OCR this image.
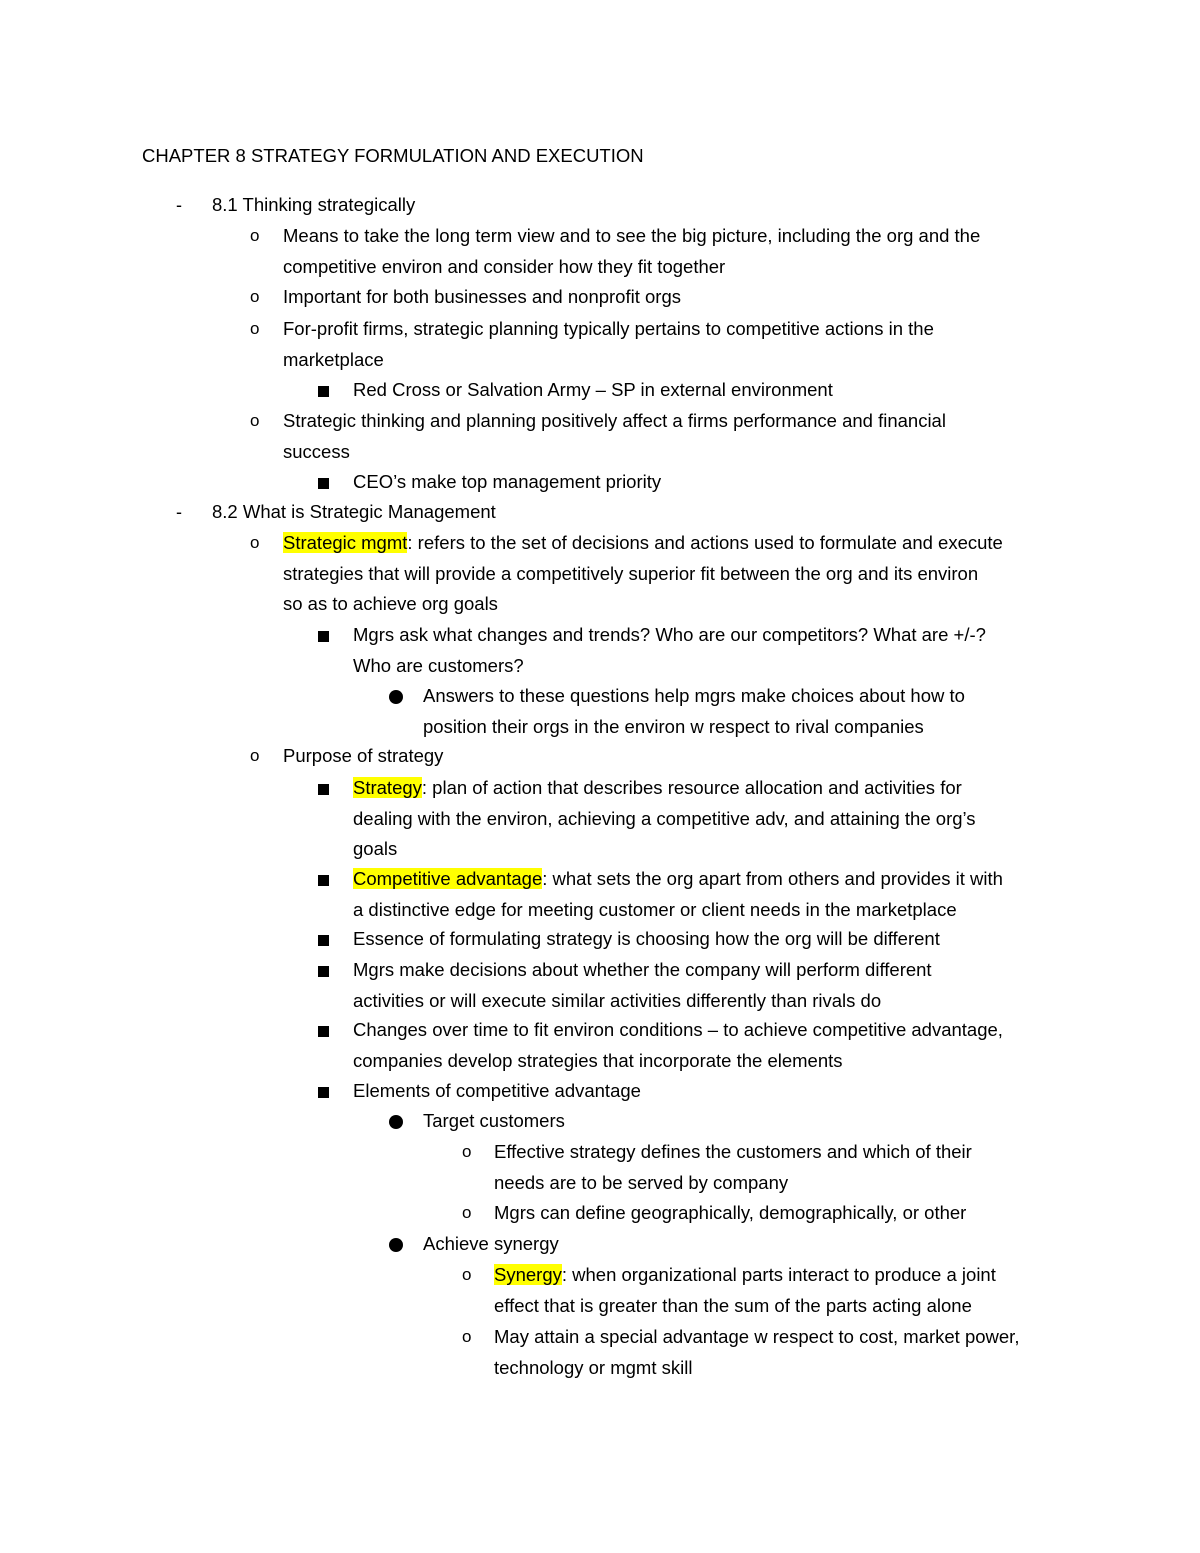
CHAPTER 8 STRATEGY FORMULATION AND EXECUTION
- 8.1 Thinking strategically
o Means to take the long term view and to see the big picture, including the org and the
competitive environ and consider how they fit together
o Important for both businesses and nonprofit orgs
o For-profit firms, strategic planning typically pertains to competitive actions in the
marketplace
Red Cross or Salvation Army – SP in external environment
o Strategic thinking and planning positively affect a firms performance and financial
success
CEO’s make top management priority
- 8.2 What is Strategic Management
o Strategic mgmt: refers to the set of decisions and actions used to formulate and execute
strategies that will provide a competitively superior fit between the org and its environ
so as to achieve org goals
Mgrs ask what changes and trends? Who are our competitors? What are +/-?
Who are customers?
Answers to these questions help mgrs make choices about how to
position their orgs in the environ w respect to rival companies
o Purpose of strategy
Strategy: plan of action that describes resource allocation and activities for
dealing with the environ, achieving a competitive adv, and attaining the org’s
goals
Competitive advantage: what sets the org apart from others and provides it with
a distinctive edge for meeting customer or client needs in the marketplace
Essence of formulating strategy is choosing how the org will be different
Mgrs make decisions about whether the company will perform different
activities or will execute similar activities differently than rivals do
Changes over time to fit environ conditions – to achieve competitive advantage,
companies develop strategies that incorporate the elements
Elements of competitive advantage
Target customers
o Effective strategy defines the customers and which of their
needs are to be served by company
o Mgrs can define geographically, demographically, or other
Achieve synergy
o Synergy: when organizational parts interact to produce a joint
effect that is greater than the sum of the parts acting alone
o May attain a special advantage w respect to cost, market power,
technology or mgmt skill
